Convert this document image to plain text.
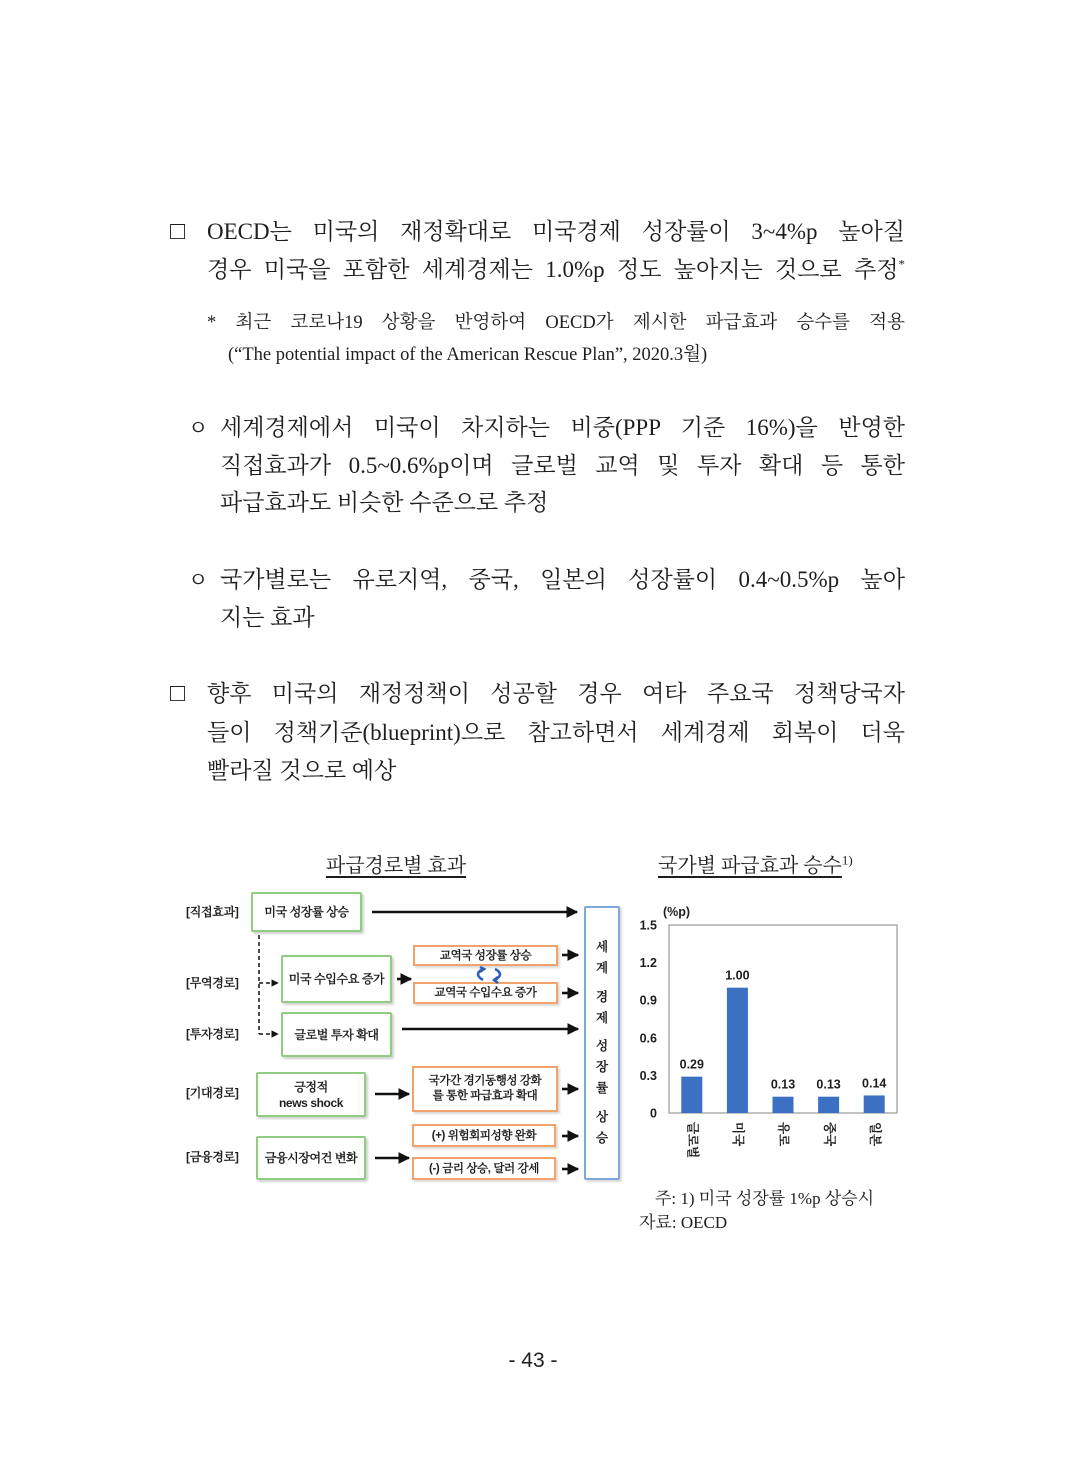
□ OECD는 미국의 재정확대로 미국경제 성장률이 3~4%p 높아질
경우 미국을 포함한 세계경제는 1.0%p 정도 높아지는 것으로 추정*
* 최근 코로나19 상황을 반영하여 OECD가 제시한 파급효과 승수를 적용
(“The potential impact of the American Rescue Plan”, 2020.3월)
ㅇ 세계경제에서 미국이 차지하는 비중(PPP 기준 16%)을 반영한
직접효과가 0.5~0.6%p이며 글로벌 교역 및 투자 확대 등 통한
파급효과도 비슷한 수준으로 추정
ㅇ 국가별로는 유로지역, 중국, 일본의 성장률이 0.4~0.5%p 높아
지는 효과
□ 향후 미국의 재정정책이 성공할 경우 여타 주요국 정책당국자
들이 정책기준(blueprint)으로 참고하면서 세계경제 회복이 더욱
빨라질 것으로 예상
파급경로별 효과	국가별 파급효과 승수$^{1)}$
[직접효과]
[무역경로]
[투자경로]
[기대경로]
[금융경로]
미국 성장률 상승
미국 수입수요 증가
글로벌 투자 확대
긍정적
news shock
금융시장여건 변화
교역국 성장률 상승
교역국 수입수요 증가
국가간 경기동행성 강화
를 통한 파급효과 확대
(+) 위험회피성향 완화
(-) 금리 상승, 달러 강세
세계
경제
성장률
상승
(%p)
0
0.3
0.6
0.9
1.2
1.5
0.29
글로벌
1.00
미국
0.13
유로
0.13
중국
0.14
일본
주: 1) 미국 성장률 1%p 상승시
자료: OECD
- 43 -
